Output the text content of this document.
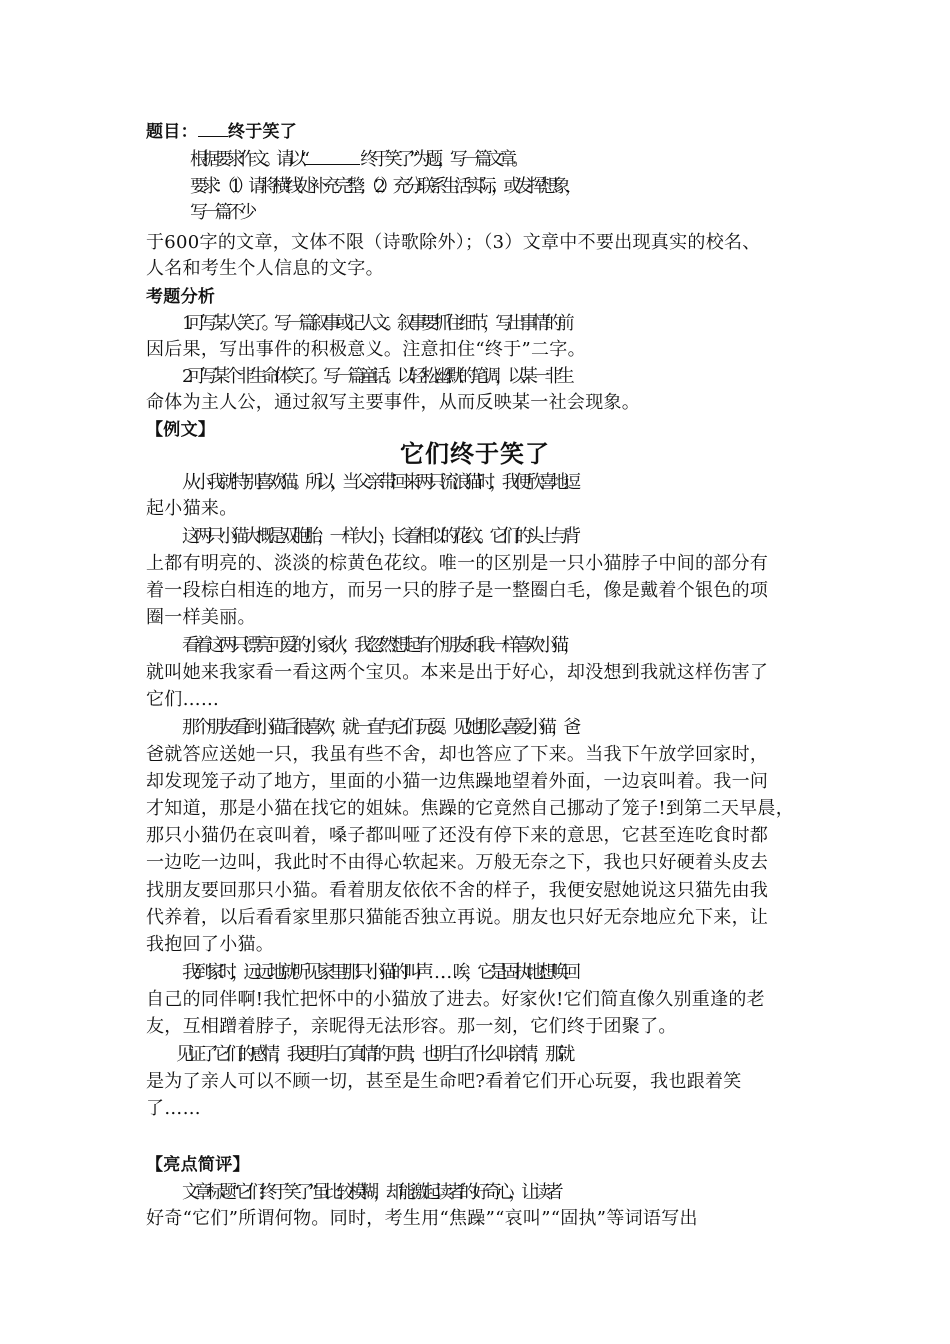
题目： 终于笑了
根据要求作文。请以“	终于笑了”为题，写一篇文章。
要求：（1）请将横线处补充完整；（2）充分联系生活实际，或发挥想象，
写一篇不少
于600字的文章，文体不限（诗歌除外）；（3）文章中不要出现真实的校名、
人名和考生个人信息的文字。
考题分析
1.可写某人笑了。写一篇叙事或记人文。叙事要抓住细节，写出事情的前
因后果，写出事件的积极意义。注意扣住“终于”二字。
2.可写某个非生命体笑了。写一篇童话。以轻松幽默的笔调，以某一非生
命体为主人公，通过叙写主要事件，从而反映某一社会现象。
【例文】
它们终于笑了
从小我就特别喜欢猫。所以，当父亲带回来两只流浪猫时，我便欣喜地逗
起小猫来。
这两只小猫大概是双胞胎，一样大小，长着相似的花纹。它们的头上与背
上都有明亮的、淡淡的棕黄色花纹。唯一的区别是一只小猫脖子中间的部分有
着一段棕白相连的地方，而另一只的脖子是一整圈白毛，像是戴着个银色的项
圈一样美丽。
看着这两只漂亮可爱的小家伙，我忽然想起有个朋友和我一样喜欢小猫，
就叫她来我家看一看这两个宝贝。本来是出于好心，却没想到我就这样伤害了
它们……
那个朋友看到小猫后很喜欢，就一直与它们玩耍。见她那么喜爱小猫，爸
爸就答应送她一只，我虽有些不舍，却也答应了下来。当我下午放学回家时，
却发现笼子动了地方，里面的小猫一边焦躁地望着外面，一边哀叫着。我一问
才知道，那是小猫在找它的姐妹。焦躁的它竟然自己挪动了笼子!到第二天早晨，
那只小猫仍在哀叫着，嗓子都叫哑了还没有停下来的意思，它甚至连吃食时都
一边吃一边叫，我此时不由得心软起来。万般无奈之下，我也只好硬着头皮去
找朋友要回那只小猫。看着朋友依依不舍的样子，我便安慰她说这只猫先由我
代养着，以后看看家里那只猫能否独立再说。朋友也只好无奈地应允下来，让
我抱回了小猫。
我到家时，远远地就听见家里那只小猫的叫声……唉，它是固执地想唤回
自己的同伴啊!我忙把怀中的小猫放了进去。好家伙!它们简直像久别重逢的老
友，互相蹭着脖子，亲昵得无法形容。那一刻，它们终于团聚了。
见证了它们的感情，我更明白了真情的可贵，也明白了什么叫亲情，那就
是为了亲人可以不顾一切，甚至是生命吧?看着它们开心玩耍，我也跟着笑
了……
【亮点简评】
文章标题“它们终于笑了”虽比较模糊，却能激起读者的好奇心，让读者
好奇“它们”所谓何物。同时，考生用“焦躁”“哀叫”“固执”等词语写出
